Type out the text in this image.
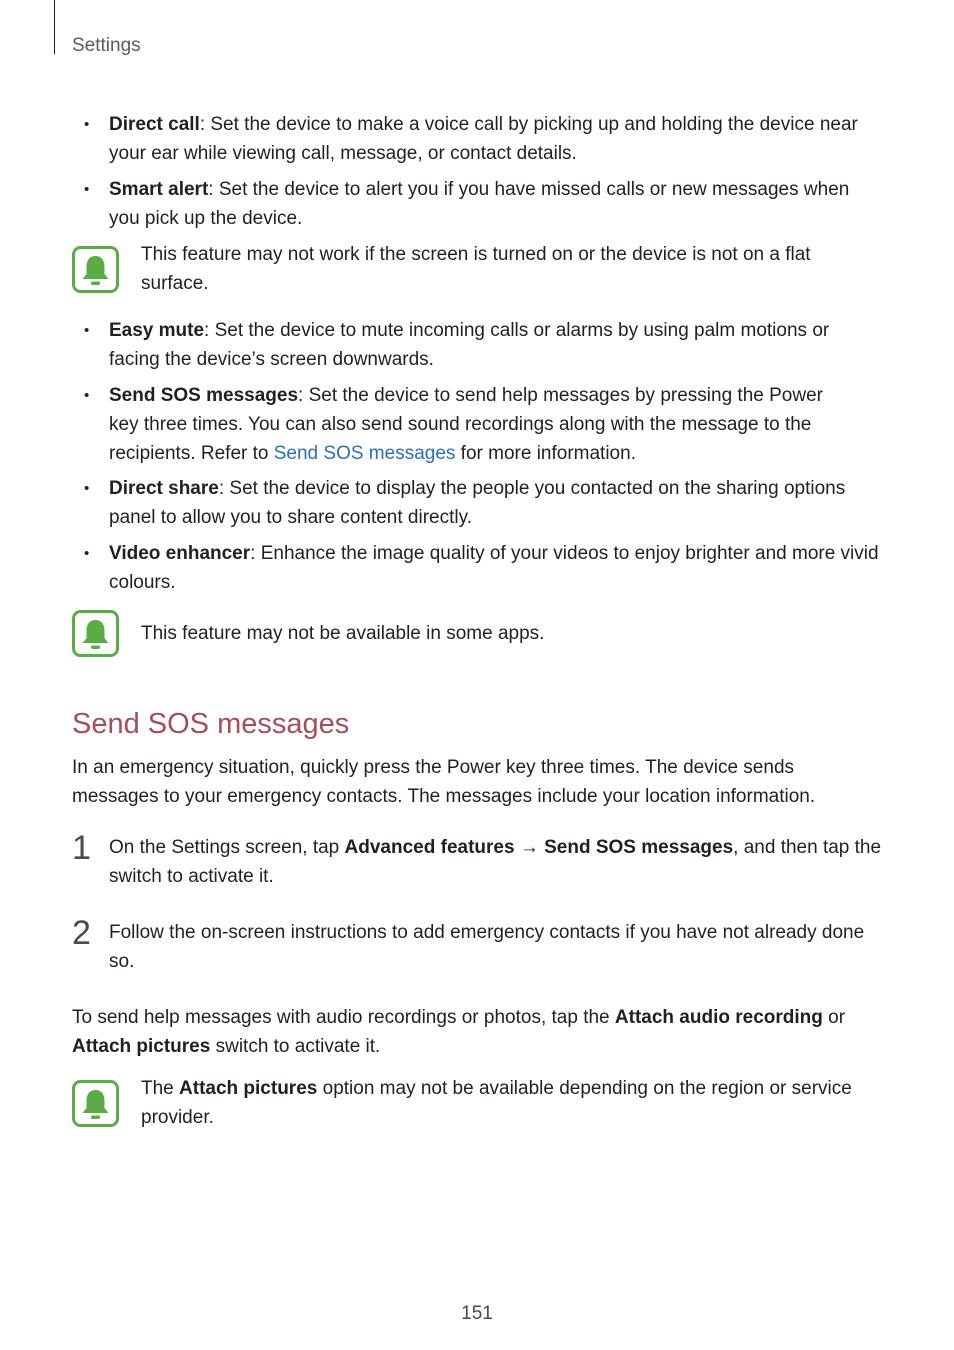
Settings
• Direct call: Set the device to make a voice call by picking up and holding the device near your ear while viewing call, message, or contact details.
• Smart alert: Set the device to alert you if you have missed calls or new messages when you pick up the device.
This feature may not work if the screen is turned on or the device is not on a flat surface.
• Easy mute: Set the device to mute incoming calls or alarms by using palm motions or facing the device’s screen downwards.
• Send SOS messages: Set the device to send help messages by pressing the Power key three times. You can also send sound recordings along with the message to the recipients. Refer to Send SOS messages for more information.
• Direct share: Set the device to display the people you contacted on the sharing options panel to allow you to share content directly.
• Video enhancer: Enhance the image quality of your videos to enjoy brighter and more vivid colours.
This feature may not be available in some apps.
Send SOS messages
In an emergency situation, quickly press the Power key three times. The device sends messages to your emergency contacts. The messages include your location information.
1 On the Settings screen, tap Advanced features → Send SOS messages, and then tap the switch to activate it.
2 Follow the on-screen instructions to add emergency contacts if you have not already done so.
To send help messages with audio recordings or photos, tap the Attach audio recording or Attach pictures switch to activate it.
The Attach pictures option may not be available depending on the region or service provider.
151
